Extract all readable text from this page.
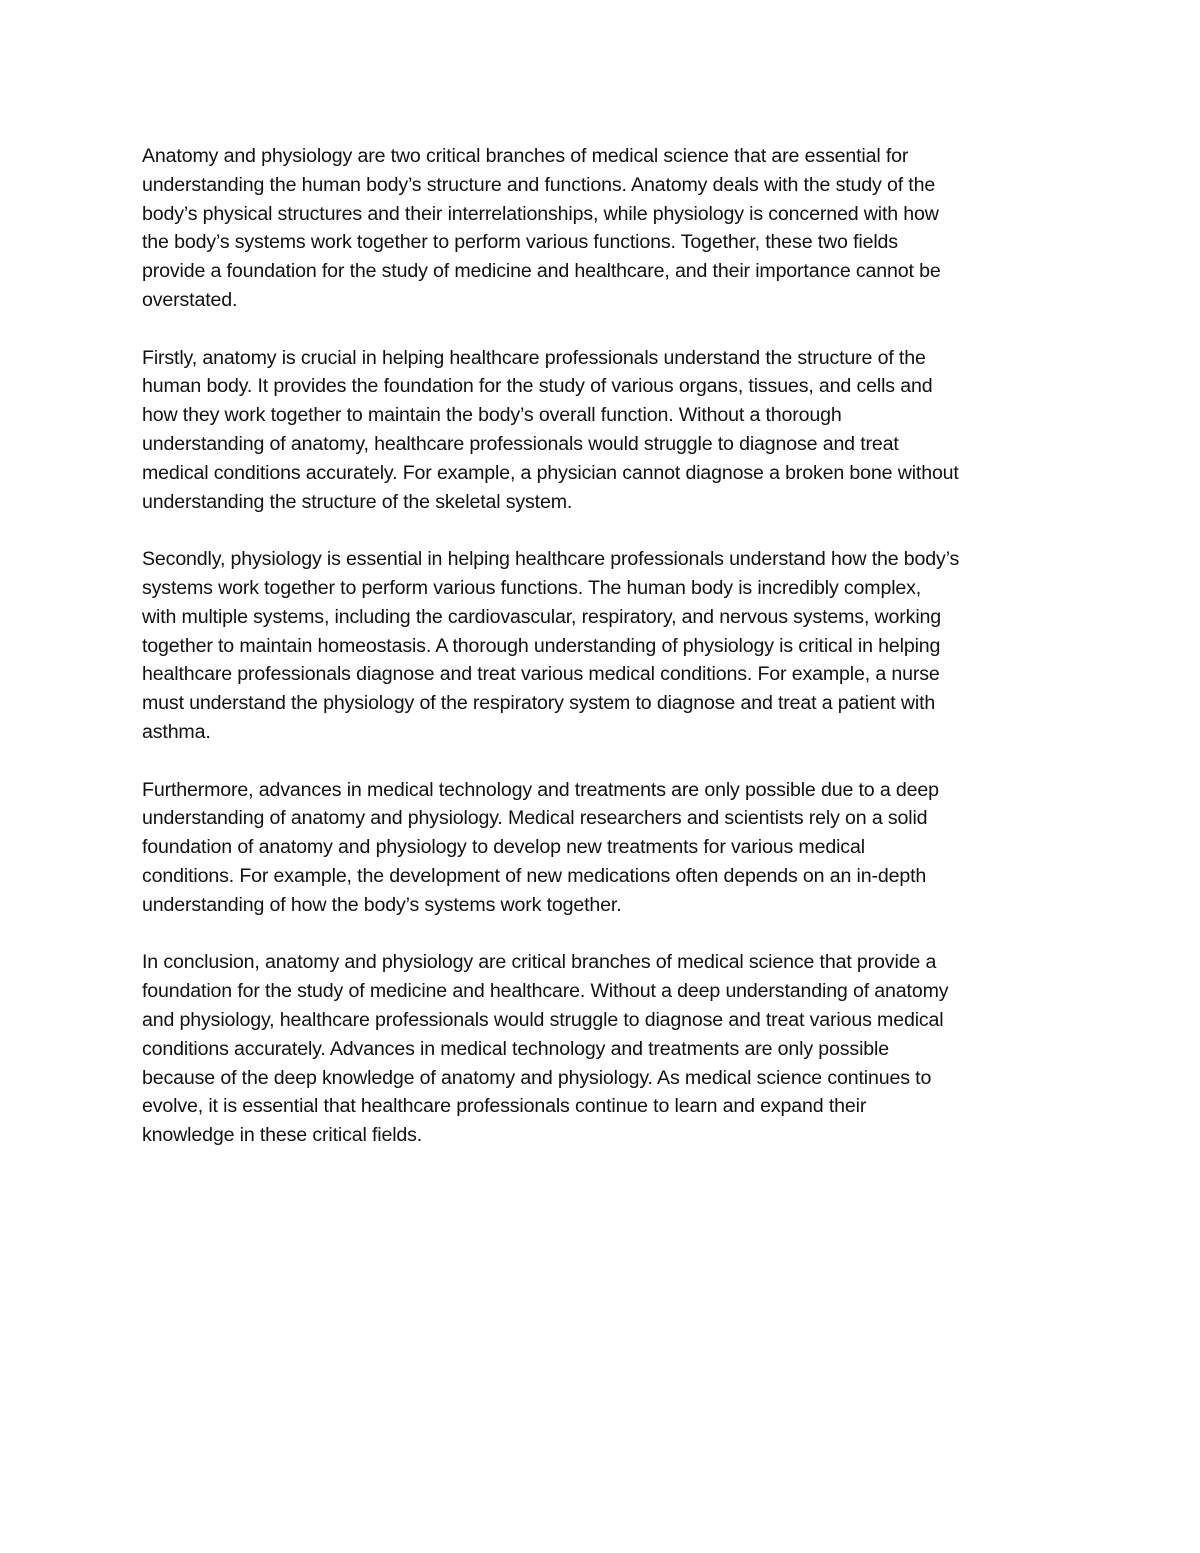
Anatomy and physiology are two critical branches of medical science that are essential for
understanding the human body’s structure and functions. Anatomy deals with the study of the
body’s physical structures and their interrelationships, while physiology is concerned with how
the body’s systems work together to perform various functions. Together, these two fields
provide a foundation for the study of medicine and healthcare, and their importance cannot be
overstated.
Firstly, anatomy is crucial in helping healthcare professionals understand the structure of the
human body. It provides the foundation for the study of various organs, tissues, and cells and
how they work together to maintain the body’s overall function. Without a thorough
understanding of anatomy, healthcare professionals would struggle to diagnose and treat
medical conditions accurately. For example, a physician cannot diagnose a broken bone without
understanding the structure of the skeletal system.
Secondly, physiology is essential in helping healthcare professionals understand how the body’s
systems work together to perform various functions. The human body is incredibly complex,
with multiple systems, including the cardiovascular, respiratory, and nervous systems, working
together to maintain homeostasis. A thorough understanding of physiology is critical in helping
healthcare professionals diagnose and treat various medical conditions. For example, a nurse
must understand the physiology of the respiratory system to diagnose and treat a patient with
asthma.
Furthermore, advances in medical technology and treatments are only possible due to a deep
understanding of anatomy and physiology. Medical researchers and scientists rely on a solid
foundation of anatomy and physiology to develop new treatments for various medical
conditions. For example, the development of new medications often depends on an in-depth
understanding of how the body’s systems work together.
In conclusion, anatomy and physiology are critical branches of medical science that provide a
foundation for the study of medicine and healthcare. Without a deep understanding of anatomy
and physiology, healthcare professionals would struggle to diagnose and treat various medical
conditions accurately. Advances in medical technology and treatments are only possible
because of the deep knowledge of anatomy and physiology. As medical science continues to
evolve, it is essential that healthcare professionals continue to learn and expand their
knowledge in these critical fields.
